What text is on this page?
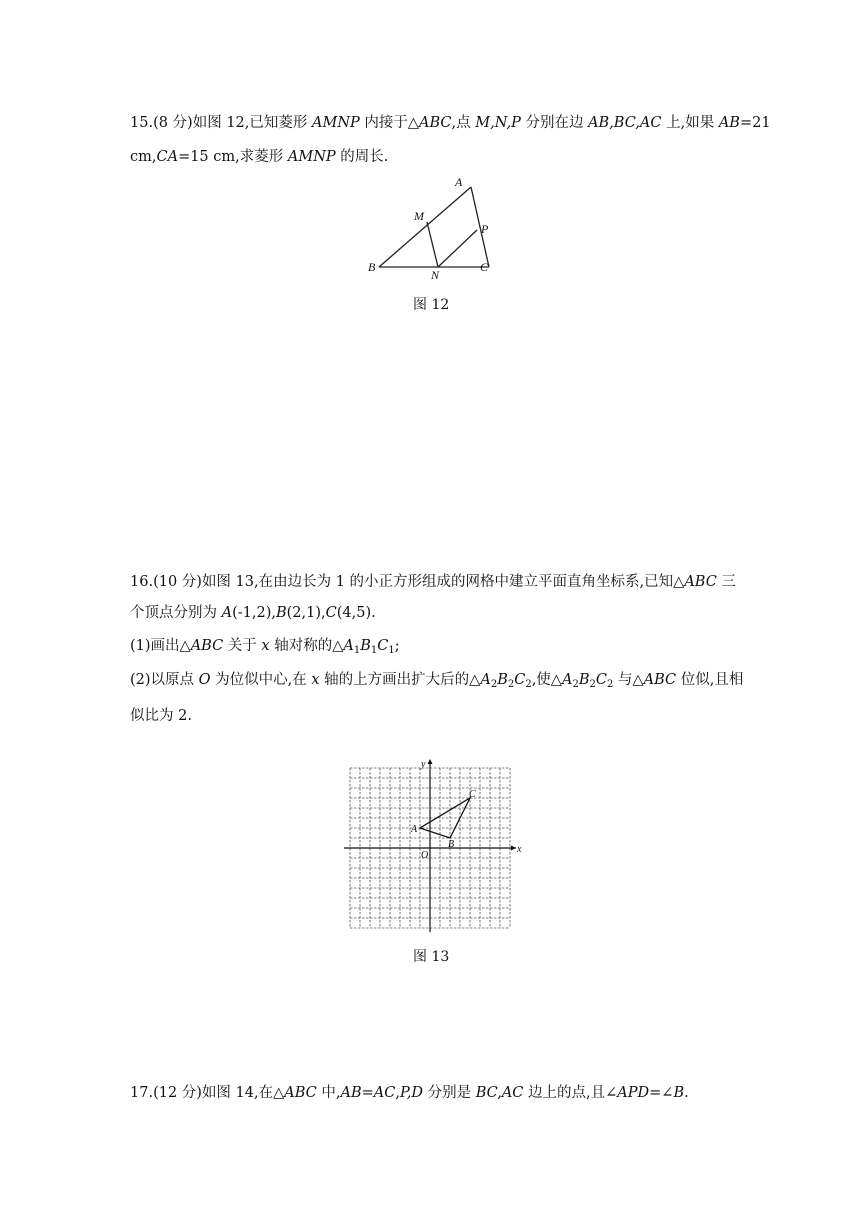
15.(8 分)如图 12,已知菱形 AMNP 内接于△ABC,点 M,N,P 分别在边 AB,BC,AC 上,如果 AB=21
cm,CA=15 cm,求菱形 AMNP 的周长.
A
M
P
B
N
C
图 12
16.(10 分)如图 13,在由边长为 1 的小正方形组成的网格中建立平面直角坐标系,已知△ABC 三
个顶点分别为 A(-1,2),B(2,1),C(4,5).
(1)画出△ABC 关于 x 轴对称的$\triangle A_1B_1C_1$;
(2)以原点 O 为位似中心,在 x 轴的上方画出扩大后的$\triangle A_2B_2C_2$,使$\triangle A_2B_2C_2$ 与△ABC 位似,且相
似比为 2.
x
y
O
A
B
C
图 13
17.(12 分)如图 14,在△ABC 中,AB=AC,P,D 分别是 BC,AC 边上的点,且∠APD=∠B.
